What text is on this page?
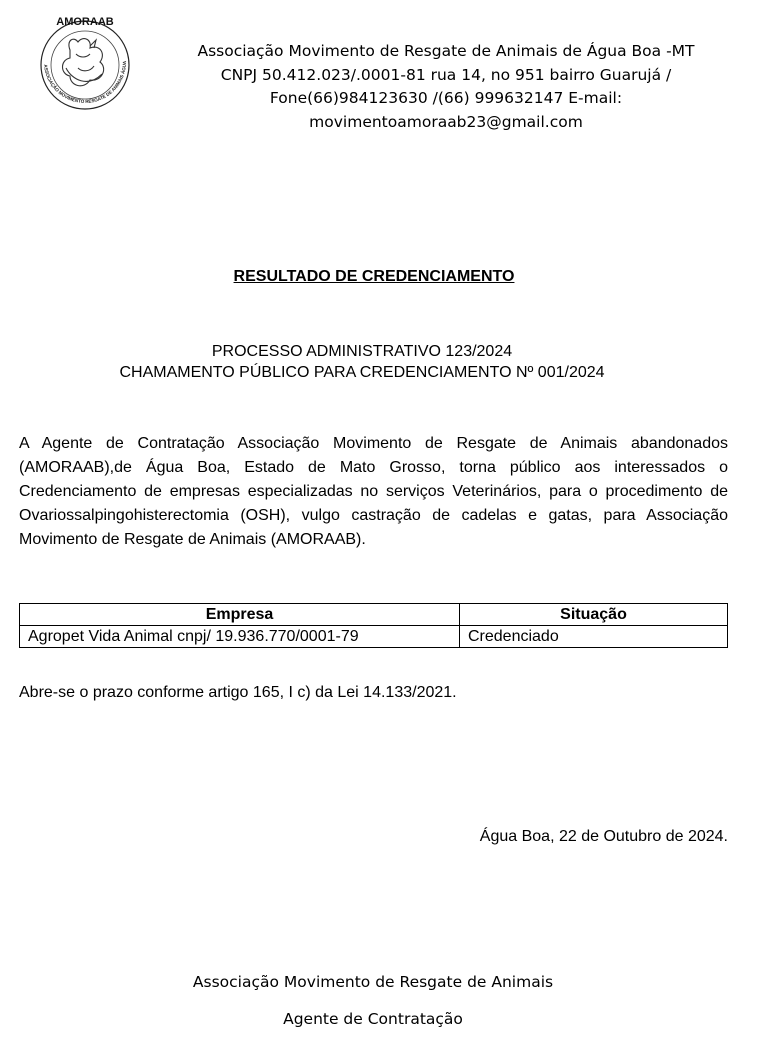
AMORAAB
ASSOCIAÇÃO MOVIMENTO RESGATE DE ANIMAIS ÁGUA
Associação Movimento de Resgate de Animais de Água Boa -MT
CNPJ 50.412.023/.0001-81 rua 14, no 951 bairro Guarujá /
Fone(66)984123630 /(66) 999632147 E-mail:
movimentoamoraab23@gmail.com
RESULTADO DE CREDENCIAMENTO
PROCESSO ADMINISTRATIVO 123/2024
CHAMAMENTO PÚBLICO PARA CREDENCIAMENTO Nº 001/2024
A Agente de Contratação Associação Movimento de Resgate de Animais abandonados (AMORAAB),de Água Boa, Estado de Mato Grosso, torna público aos interessados o Credenciamento de empresas especializadas no serviços Veterinários, para o procedimento de Ovariossalpingohisterectomia (OSH), vulgo castração de cadelas e gatas, para Associação Movimento de Resgate de Animais (AMORAAB).
Empresa	Situação
Agropet Vida Animal cnpj/ 19.936.770/0001-79	Credenciado
Abre-se o prazo conforme artigo 165, I c) da Lei 14.133/2021.
Água Boa, 22 de Outubro de 2024.
Associação Movimento de Resgate de Animais
Agente de Contratação
